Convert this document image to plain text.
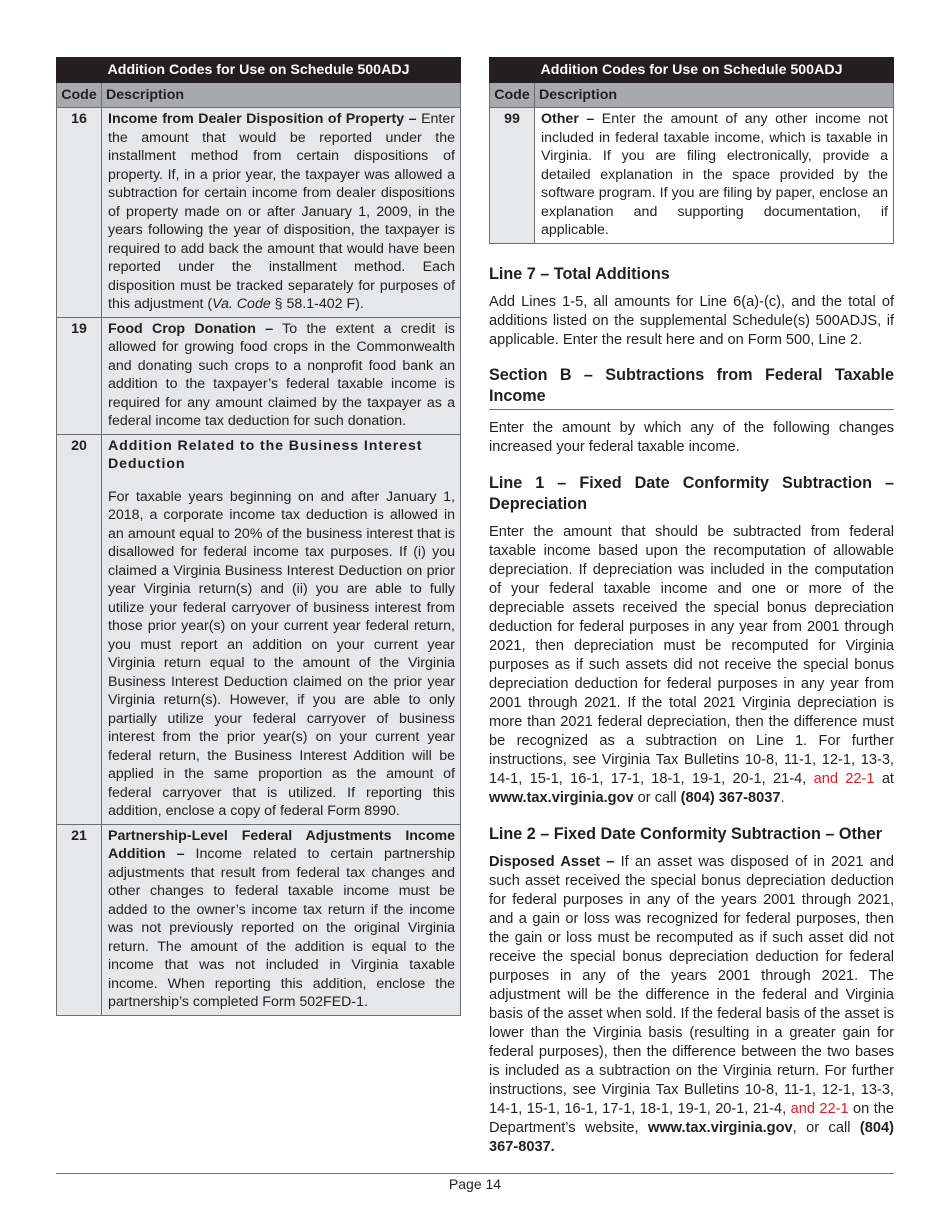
Addition Codes for Use on Schedule 500ADJ	
Code	Description
16	Income from Dealer Disposition of Property – Enter the amount that would be reported under the installment method from certain dispositions of property. If, in a prior year, the taxpayer was allowed a subtraction for certain income from dealer dispositions of property made on or after January 1, 2009, in the years following the year of disposition, the taxpayer is required to add back the amount that would have been reported under the installment method. Each disposition must be tracked separately for purposes of this adjustment (Va. Code § 58.1-402 F).
19	Food Crop Donation – To the extent a credit is allowed for growing food crops in the Commonwealth and donating such crops to a nonprofit food bank an addition to the taxpayer’s federal taxable income is required for any amount claimed by the taxpayer as a federal income tax deduction for such donation.
20	Addition Related to the Business Interest Deduction
For taxable years beginning on and after January 1, 2018, a corporate income tax deduction is allowed in an amount equal to 20% of the business interest that is disallowed for federal income tax purposes. If (i) you claimed a Virginia Business Interest Deduction on prior year Virginia return(s) and (ii) you are able to fully utilize your federal carryover of business interest from those prior year(s) on your current year federal return, you must report an addition on your current year Virginia return equal to the amount of the Virginia Business Interest Deduction claimed on the prior year Virginia return(s). However, if you are able to only partially utilize your federal carryover of business interest from the prior year(s) on your current year federal return, the Business Interest Addition will be applied in the same proportion as the amount of federal carryover that is utilized. If reporting this addition, enclose a copy of federal Form 8990.

21	Partnership-Level Federal Adjustments Income Addition – Income related to certain partnership adjustments that result from federal tax changes and other changes to federal taxable income must be added to the owner’s income tax return if the income was not previously reported on the original Virginia return. The amount of the addition is equal to the income that was not included in Virginia taxable income. When reporting this addition, enclose the partnership’s completed Form 502FED-1.
Addition Codes for Use on Schedule 500ADJ	
Code	Description
99	Other – Enter the amount of any other income not included in federal taxable income, which is taxable in Virginia. If you are filing electronically, provide a detailed explanation in the space provided by the software program. If you are filing by paper, enclose an explanation and supporting documentation, if applicable.
Line 7 – Total Additions

Add Lines 1-5, all amounts for Line 6(a)-(c), and the total of additions listed on the supplemental Schedule(s) 500ADJS, if applicable. Enter the result here and on Form 500, Line 2.

Section B – Subtractions from Federal Taxable Income

Enter the amount by which any of the following changes increased your federal taxable income.

Line 1 – Fixed Date Conformity Subtraction – Depreciation

Enter the amount that should be subtracted from federal taxable income based upon the recomputation of allowable depreciation. If depreciation was included in the computation of your federal taxable income and one or more of the depreciable assets received the special bonus depreciation deduction for federal purposes in any year from 2001 through 2021, then depreciation must be recomputed for Virginia purposes as if such assets did not receive the special bonus depreciation deduction for federal purposes in any year from 2001 through 2021. If the total 2021 Virginia depreciation is more than 2021 federal depreciation, then the difference must be recognized as a subtraction on Line 1. For further instructions, see Virginia Tax Bulletins 10-8, 11-1, 12-1, 13-3, 14-1, 15-1, 16-1, 17-1, 18-1, 19-1, 20-1, 21-4, and 22-1 at www.tax.virginia.gov or call (804) 367-8037.

Line 2 – Fixed Date Conformity Subtraction – Other

Disposed Asset – If an asset was disposed of in 2021 and such asset received the special bonus depreciation deduction for federal purposes in any of the years 2001 through 2021, and a gain or loss was recognized for federal purposes, then the gain or loss must be recomputed as if such asset did not receive the special bonus depreciation deduction for federal purposes in any of the years 2001 through 2021. The adjustment will be the difference in the federal and Virginia basis of the asset when sold. If the federal basis of the asset is lower than the Virginia basis (resulting in a greater gain for federal purposes), then the difference between the two bases is included as a subtraction on the Virginia return. For further instructions, see Virginia Tax Bulletins 10-8, 11-1, 12-1, 13-3, 14-1, 15-1, 16-1, 17-1, 18-1, 19-1, 20-1, 21-4, and 22-1 on the Department’s website, www.tax.virginia.gov, or call (804) 367-8037.

Page 14
